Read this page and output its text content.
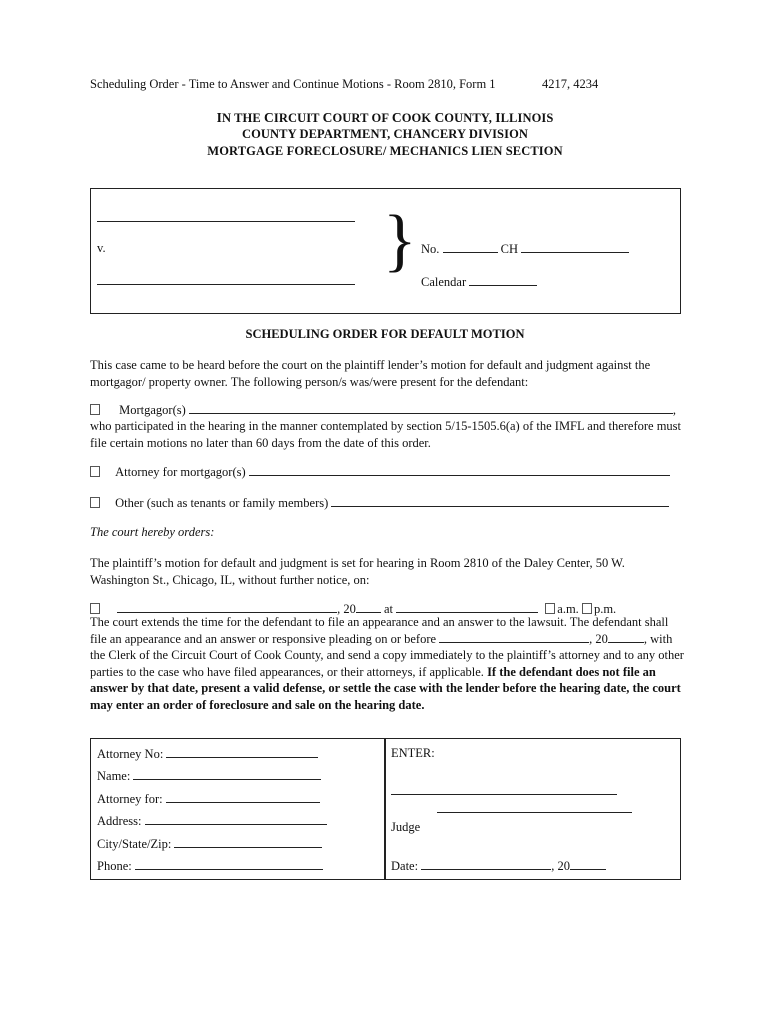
Scheduling Order - Time to Answer and Continue Motions - Room 2810, Form 1	4217, 4234
IN THE CIRCUIT COURT OF COOK COUNTY, ILLINOIS
COUNTY DEPARTMENT, CHANCERY DIVISION
MORTGAGE FORECLOSURE/ MECHANICS LIEN SECTION
v.	} No.	CH
Calendar
SCHEDULING ORDER FOR DEFAULT MOTION
This case came to be heard before the court on the plaintiff lender’s motion for default and judgment against the
mortgagor/ property owner. The following person/s was/were present for the defendant:
Mortgagor(s)	,
who participated in the hearing in the manner contemplated by section 5/15-1505.6(a) of the IMFL and therefore must
file certain motions no later than 60 days from the date of this order.
Attorney for mortgagor(s)
Other (such as tenants or family members)
The court hereby orders:
The plaintiff’s motion for default and judgment is set for hearing in Room 2810 of the Daley Center, 50 W.
Washington St., Chicago, IL, without further notice, on:
, 20 at	a.m. p.m.
The court extends the time for the defendant to file an appearance and an answer to the lawsuit. The defendant shall
file an appearance and an answer or responsive pleading on or before	, 20	, with
the Clerk of the Circuit Court of Cook County, and send a copy immediately to the plaintiff’s attorney and to any other
parties to the case who have filed appearances, or their attorneys, if applicable. If the defendant does not file an
answer by that date, present a valid defense, or settle the case with the lender before the hearing date, the court
may enter an order of foreclosure and sale on the hearing date.
Attorney No:
Name:
Attorney for:
Address:
City/State/Zip:
Phone:
ENTER:
Judge
Date:	, 20
